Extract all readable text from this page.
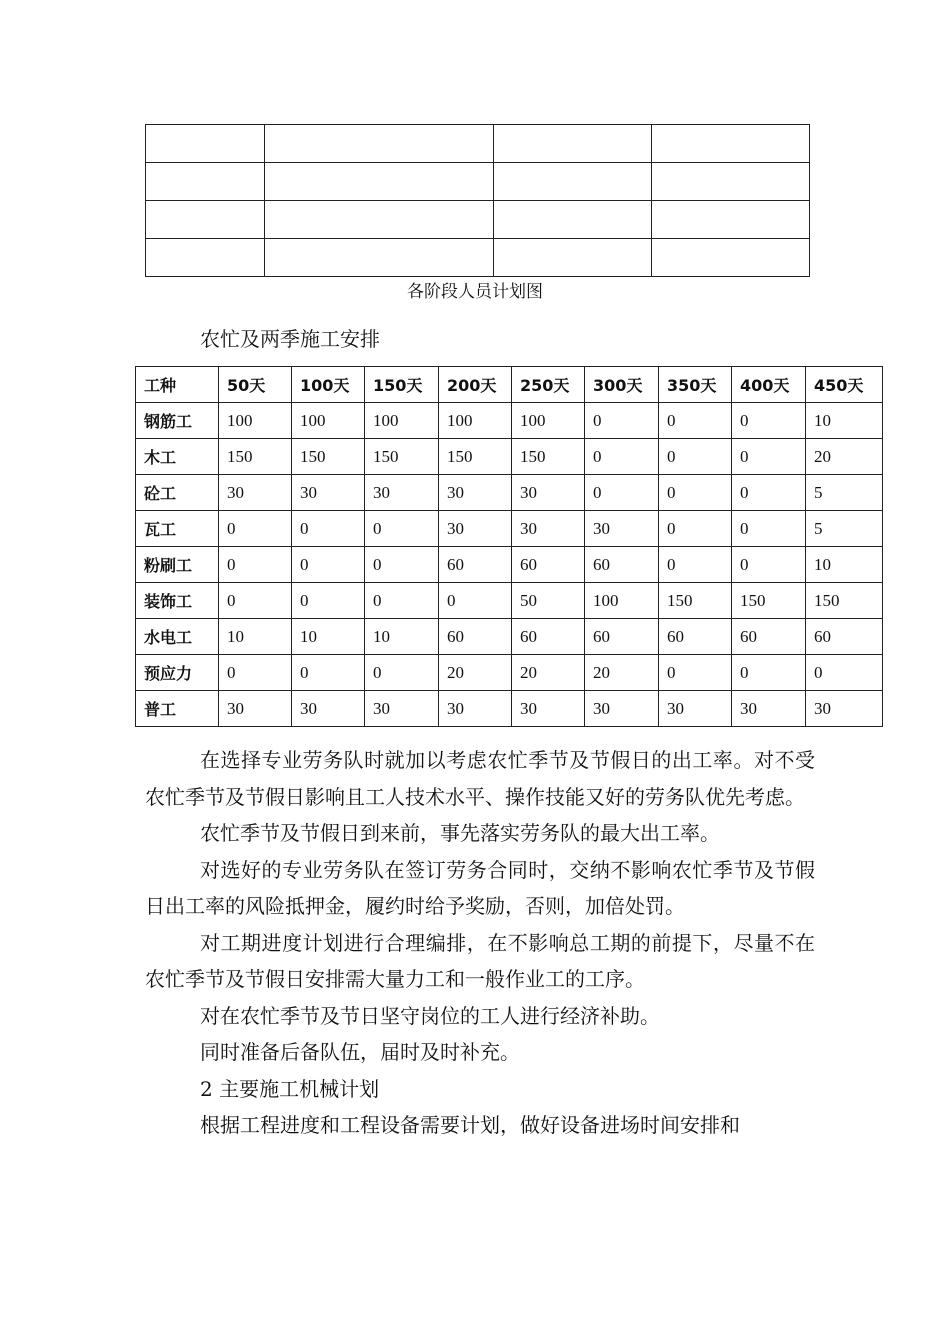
各阶段人员计划图
农忙及两季施工安排
工种	50天	100天	150天	200天	250天	300天	350天	400天	450天
钢筋工	100	100	100	100	100	0	0	0	10
木工	150	150	150	150	150	0	0	0	20
砼工	30	30	30	30	30	0	0	0	5
瓦工	0	0	0	30	30	30	0	0	5
粉刷工	0	0	0	60	60	60	0	0	10
装饰工	0	0	0	0	50	100	150	150	150
水电工	10	10	10	60	60	60	60	60	60
预应力	0	0	0	20	20	20	0	0	0
普工	30	30	30	30	30	30	30	30	30

在选择专业劳务队时就加以考虑农忙季节及节假日的出工率。对不受农忙季节及节假日影响且工人技术水平、操作技能又好的劳务队优先考虑。

农忙季节及节假日到来前，事先落实劳务队的最大出工率。

对选好的专业劳务队在签订劳务合同时，交纳不影响农忙季节及节假日出工率的风险抵押金，履约时给予奖励，否则，加倍处罚。

对工期进度计划进行合理编排，在不影响总工期的前提下，尽量不在农忙季节及节假日安排需大量力工和一般作业工的工序。

对在农忙季节及节日坚守岗位的工人进行经济补助。

同时准备后备队伍，届时及时补充。

2 主要施工机械计划

根据工程进度和工程设备需要计划，做好设备进场时间安排和
